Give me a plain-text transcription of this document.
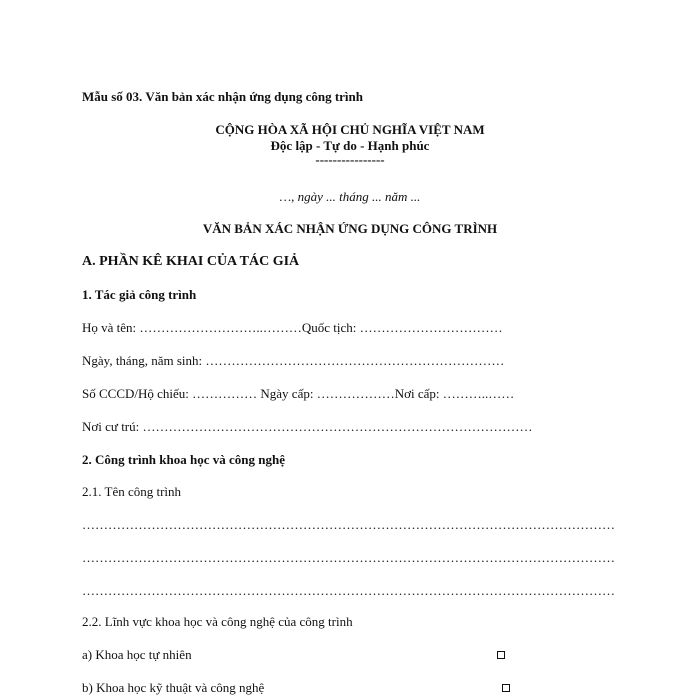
Mẫu số 03. Văn bản xác nhận ứng dụng công trình
CỘNG HÒA XÃ HỘI CHỦ NGHĨA VIỆT NAM
Độc lập - Tự do - Hạnh phúc
----------------
…, ngày ... tháng ... năm ...
VĂN BẢN XÁC NHẬN ỨNG DỤNG CÔNG TRÌNH
A. PHẦN KÊ KHAI CỦA TÁC GIẢ
1. Tác giả công trình
Họ và tên: ………………………..………Quốc tịch: ……………………………
Ngày, tháng, năm sinh: ……………………………………………………………
Số CCCD/Hộ chiếu: …………… Ngày cấp: ………………Nơi cấp: ………..……
Nơi cư trú: ………………………………………………………………………………
2. Công trình khoa học và công nghệ
2.1. Tên công trình
……………………………………………………………………………………………………………
……………………………………………………………………………………………………………
……………………………………………………………………………………………………………
2.2. Lĩnh vực khoa học và công nghệ của công trình
a) Khoa học tự nhiên
b) Khoa học kỹ thuật và công nghệ
